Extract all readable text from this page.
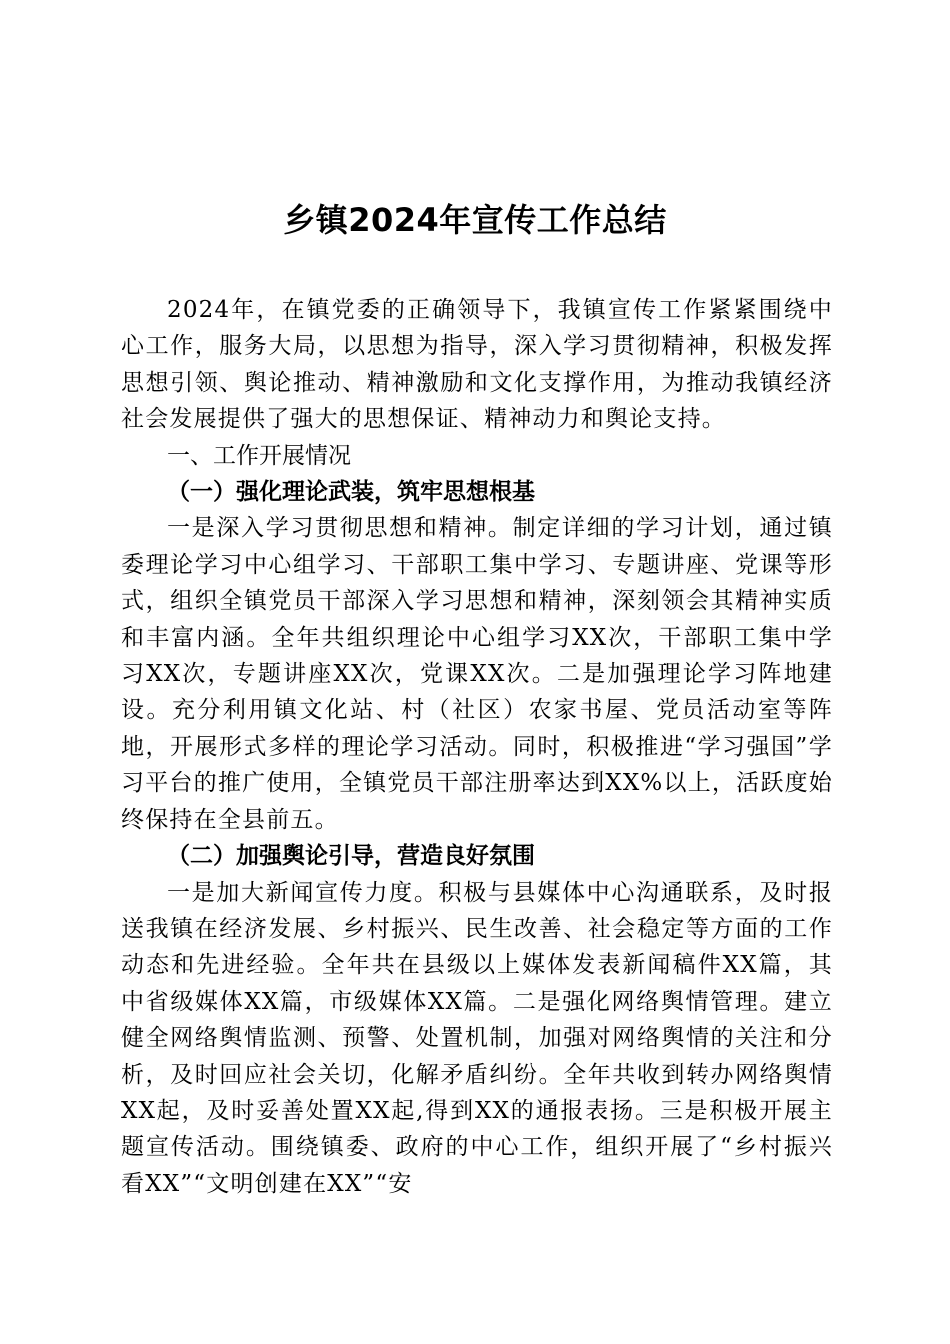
乡镇2024年宣传工作总结

2024年，在镇党委的正确领导下，我镇宣传工作紧紧围绕中心工作，服务大局，以思想为指导，深入学习贯彻精神，积极发挥思想引领、舆论推动、精神激励和文化支撑作用，为推动我镇经济社会发展提供了强大的思想保证、精神动力和舆论支持。

一、工作开展情况

（一）强化理论武装，筑牢思想根基

一是深入学习贯彻思想和精神。制定详细的学习计划，通过镇委理论学习中心组学习、干部职工集中学习、专题讲座、党课等形式，组织全镇党员干部深入学习思想和精神，深刻领会其精神实质和丰富内涵。全年共组织理论中心组学习XX次，干部职工集中学习XX次，专题讲座XX次，党课XX次。二是加强理论学习阵地建设。充分利用镇文化站、村（社区）农家书屋、党员活动室等阵地，开展形式多样的理论学习活动。同时，积极推进“学习强国”学习平台的推广使用，全镇党员干部注册率达到XX%以上，活跃度始终保持在全县前五。

（二）加强舆论引导，营造良好氛围

一是加大新闻宣传力度。积极与县媒体中心沟通联系，及时报送我镇在经济发展、乡村振兴、民生改善、社会稳定等方面的工作动态和先进经验。全年共在县级以上媒体发表新闻稿件XX篇，其中省级媒体XX篇，市级媒体XX篇。二是强化网络舆情管理。建立健全网络舆情监测、预警、处置机制，加强对网络舆情的关注和分析，及时回应社会关切，化解矛盾纠纷。全年共收到转办网络舆情XX起，及时妥善处置XX起,得到XX的通报表扬。三是积极开展主题宣传活动。围绕镇委、政府的中心工作，组织开展了“乡村振兴看XX”“文明创建在XX”“安
